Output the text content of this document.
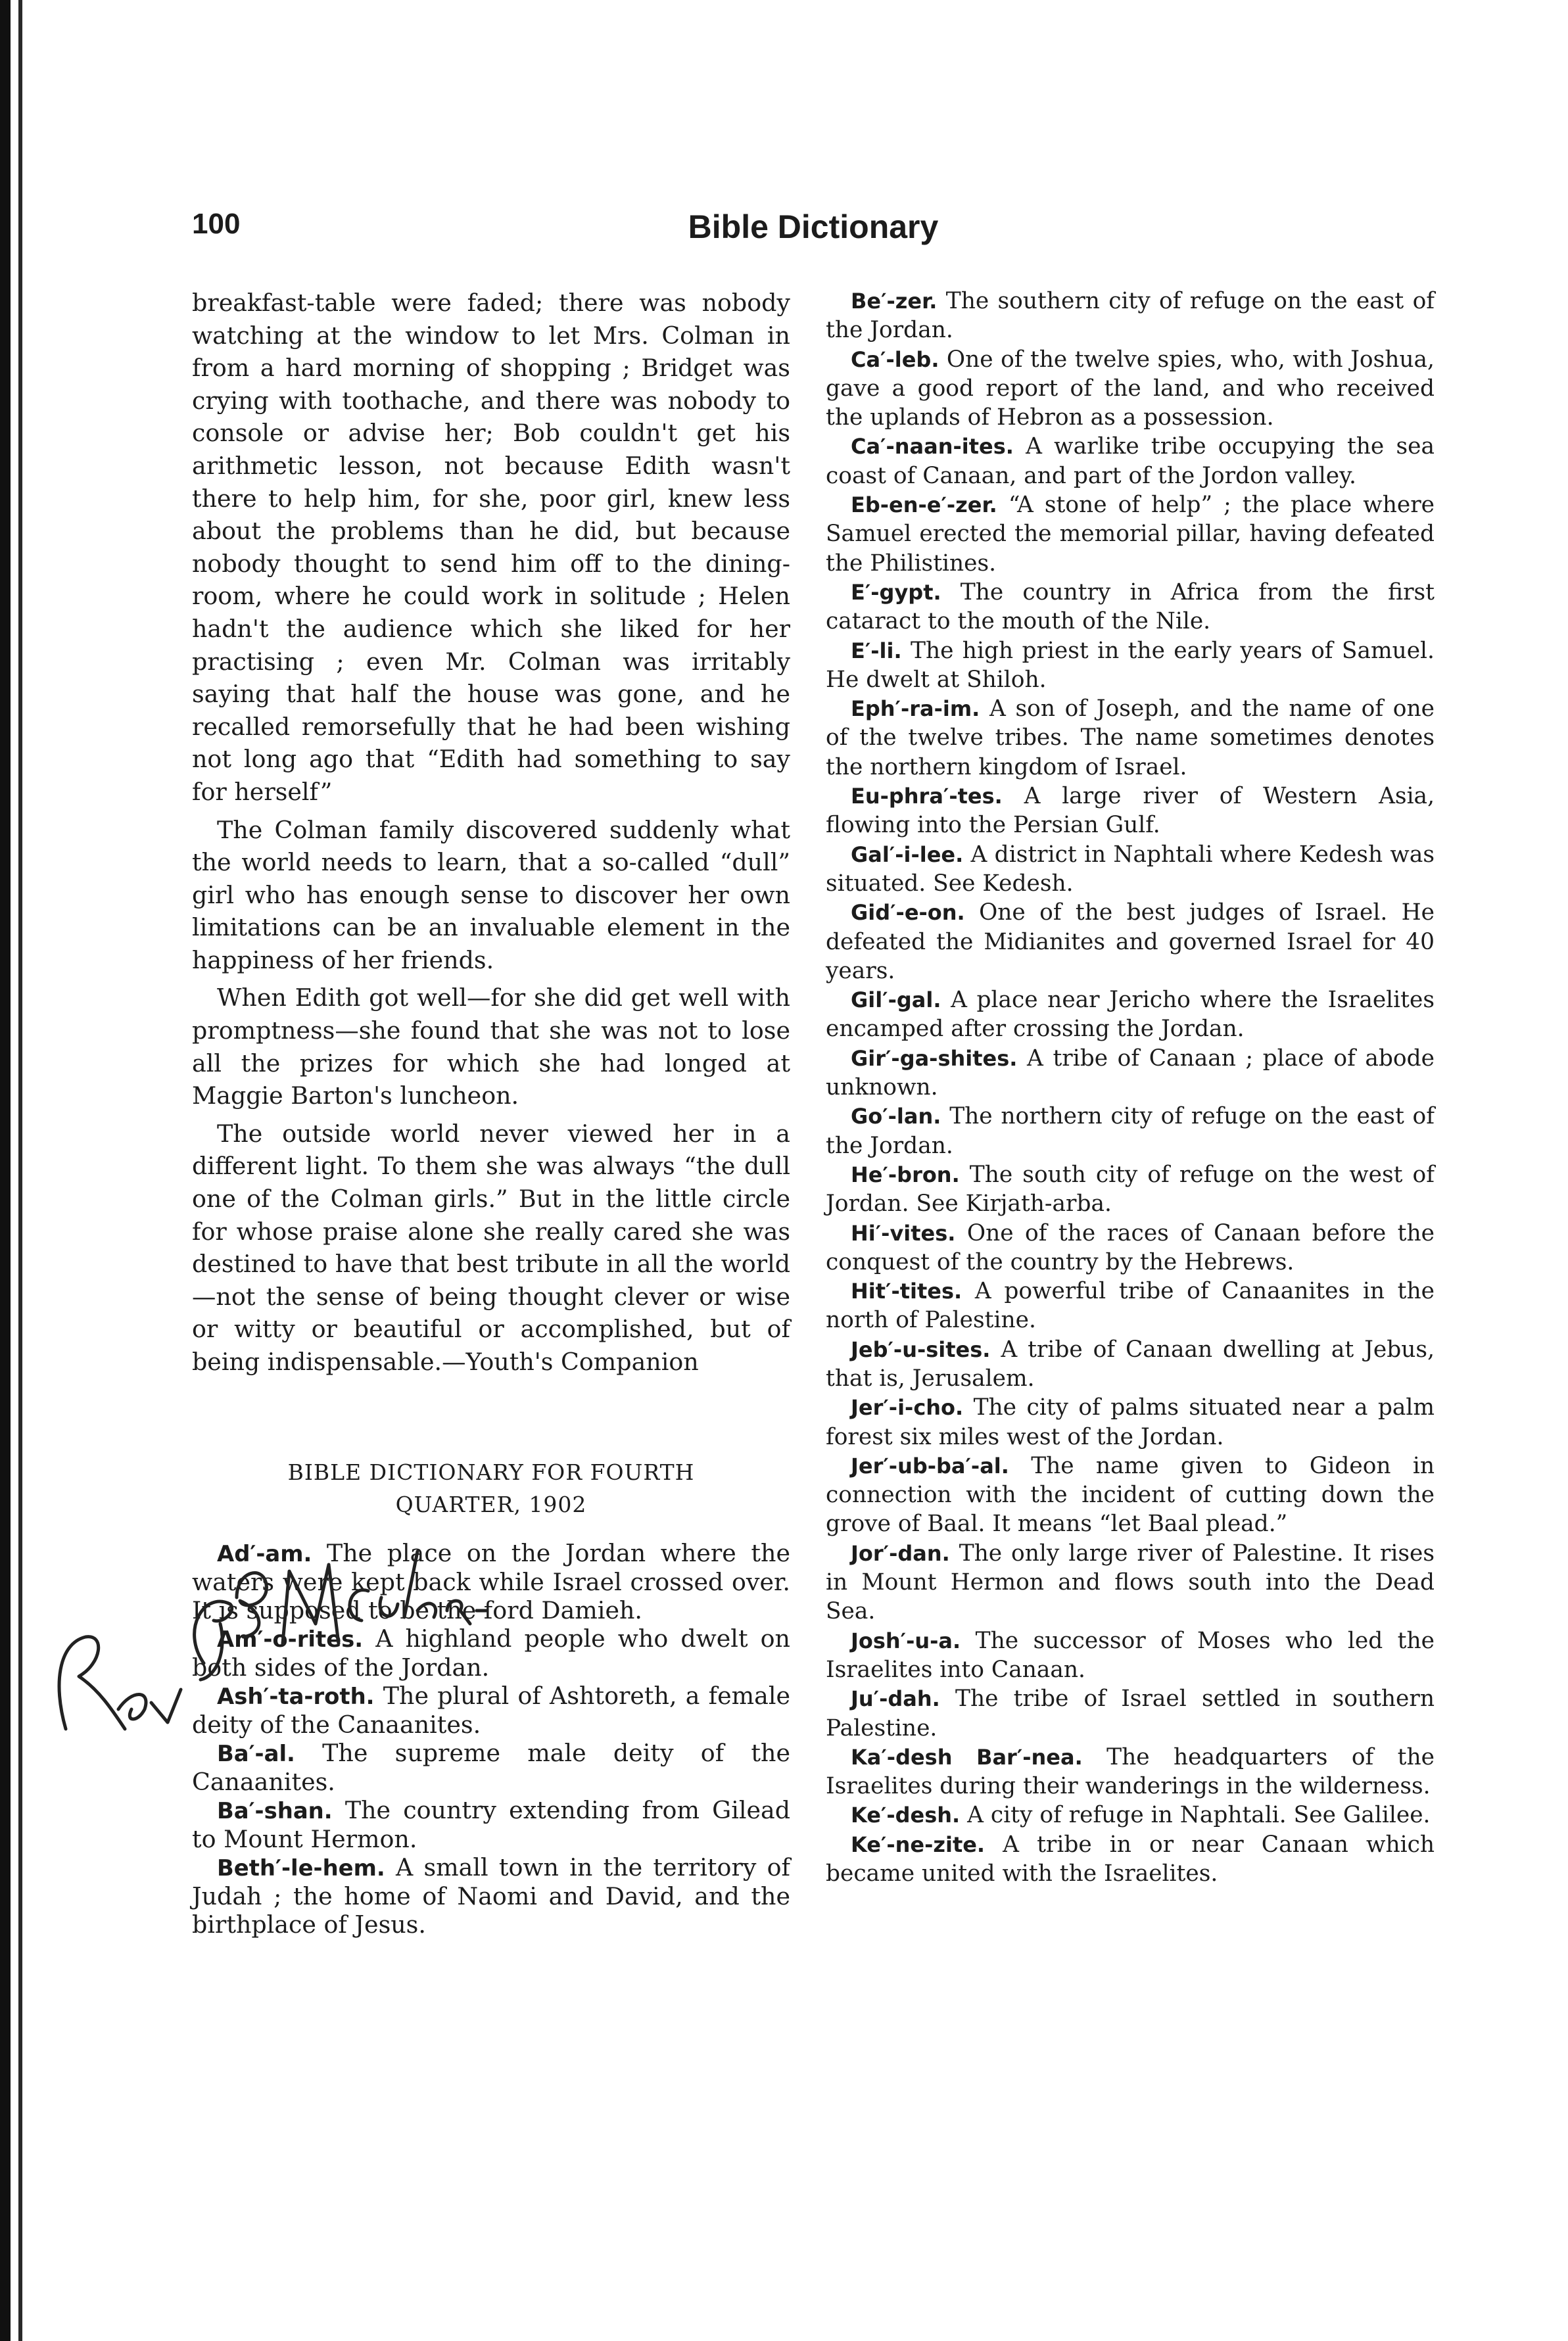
100	Bible Dictionary

breakfast-table were faded; there was nobody watching at the window to let Mrs. Colman in from a hard morning of shopping ; Bridget was crying with toothache, and there was nobody to console or advise her; Bob couldn't get his arithmetic lesson, not because Edith wasn't there to help him, for she, poor girl, knew less about the problems than he did, but because nobody thought to send him off to the dining-room, where he could work in solitude ; Helen hadn't the audience which she liked for her practising ; even Mr. Colman was irritably saying that half the house was gone, and he recalled remorsefully that he had been wishing not long ago that “Edith had something to say for herself”

The Colman family discovered suddenly what the world needs to learn, that a so-called “dull” girl who has enough sense to discover her own limitations can be an invaluable element in the happiness of her friends.

When Edith got well—for she did get well with promptness—she found that she was not to lose all the prizes for which she had longed at Maggie Barton's luncheon.

The outside world never viewed her in a different light. To them she was always “the dull one of the Colman girls.” But in the little circle for whose praise alone she really cared she was destined to have that best tribute in all the world—not the sense of being thought clever or wise or witty or beautiful or accomplished, but of being indispensable.—Youth's Companion

BIBLE DICTIONARY FOR FOURTH
QUARTER, 1902

Ad′-am. The place on the Jordan where the waters were kept back while Israel crossed over. It is supposed to be the ford Damieh.

Am′-o-rites. A highland people who dwelt on both sides of the Jordan.

Ash′-ta-roth. The plural of Ashtoreth, a female deity of the Canaanites.

Ba′-al. The supreme male deity of the Canaanites.

Ba′-shan. The country extending from Gilead to Mount Hermon.

Beth′-le-hem. A small town in the territory of Judah ; the home of Naomi and David, and the birthplace of Jesus.

Be′-zer. The southern city of refuge on the east of the Jordan.

Ca′-leb. One of the twelve spies, who, with Joshua, gave a good report of the land, and who received the uplands of Hebron as a possession.

Ca′-naan-ites. A warlike tribe occupying the sea coast of Canaan, and part of the Jordon valley.

Eb-en-e′-zer. “A stone of help” ; the place where Samuel erected the memorial pillar, having defeated the Philistines.

E′-gypt. The country in Africa from the first cataract to the mouth of the Nile.

E′-li. The high priest in the early years of Samuel. He dwelt at Shiloh.

Eph′-ra-im. A son of Joseph, and the name of one of the twelve tribes. The name sometimes denotes the northern kingdom of Israel.

Eu-phra′-tes. A large river of Western Asia, flowing into the Persian Gulf.

Gal′-i-lee. A district in Naphtali where Kedesh was situated. See Kedesh.

Gid′-e-on. One of the best judges of Israel. He defeated the Midianites and governed Israel for 40 years.

Gil′-gal. A place near Jericho where the Israelites encamped after crossing the Jordan.

Gir′-ga-shites. A tribe of Canaan ; place of abode unknown.

Go′-lan. The northern city of refuge on the east of the Jordan.

He′-bron. The south city of refuge on the west of Jordan. See Kirjath-arba.

Hi′-vites. One of the races of Canaan before the conquest of the country by the Hebrews.

Hit′-tites. A powerful tribe of Canaanites in the north of Palestine.

Jeb′-u-sites. A tribe of Canaan dwelling at Jebus, that is, Jerusalem.

Jer′-i-cho. The city of palms situated near a palm forest six miles west of the Jordan.

Jer′-ub-ba′-al. The name given to Gideon in connection with the incident of cutting down the grove of Baal. It means “let Baal plead.”

Jor′-dan. The only large river of Palestine. It rises in Mount Hermon and flows south into the Dead Sea.

Josh′-u-a. The successor of Moses who led the Israelites into Canaan.

Ju′-dah. The tribe of Israel settled in southern Palestine.

Ka′-desh Bar′-nea. The headquarters of the Israelites during their wanderings in the wilderness.

Ke′-desh. A city of refuge in Naphtali. See Galilee.

Ke′-ne-zite. A tribe in or near Canaan which became united with the Israelites.
